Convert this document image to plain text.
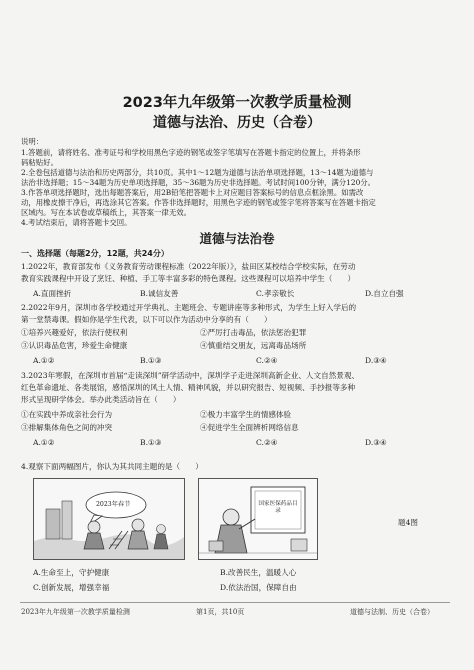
2023年九年级第一次教学质量检测
道德与法治、历史（合卷）
说明：
1.答题前，请将姓名、准考证号和学校用黑色字迹的钢笔或签字笔填写在答题卡指定的位置上，并将条形
码粘贴好。
2.全卷包括道德与法治和历史两部分，共10页。其中1～12题为道德与法治单项选择题，13～14题为道德与
法治非选择题；15～34题为历史单项选择题，35～36题为历史非选择题。考试时间100分钟，满分120分。
3.作答单项选择题时，选出每题答案后，用2B铅笔把答题卡上对应题目答案标号的信息点框涂黑。如需改
动，用橡皮擦干净后，再选涂其它答案。作答非选择题时，用黑色字迹的钢笔或签字笔将答案写在答题卡指定
区域内。写在本试卷或草稿纸上，其答案一律无效。
4.考试结束后，请将答题卡交回。
道德与法治卷
一、选择题（每题2分，12题，共24分）
1.2022年，教育部发布《义务教育劳动课程标准（2022年版）》，盐田区某校结合学校实际，在劳动
教育实践课程中开设了烹饪、种植、手工等丰富多彩的特色课程。这些课程可以培养中学生（　　）
A.直面挫折	B.诚信友善	C.孝亲敬长	D.自立自强
2.2022年9月，深圳市各学校通过开学典礼、主题班会、专题讲座等多种形式，为学生上好入学后的
第一堂禁毒课。假如你是学生代表，以下可以作为活动中分享的有（　　）
①培养兴趣爱好，依法行使权利	②严厉打击毒品，依法惩治犯罪
③认识毒品危害，珍爱生命健康	④慎重结交朋友，远离毒品场所
A.①②	B.①③	C.②④	D.③④
3.2023年寒假，在深圳市首届“走读深圳”研学活动中，深圳学子走进深圳高新企业、人文自然景观、
红色革命遗址、各类展馆，感悟深圳的风土人情、精神风貌，并以研究报告、短视频、手抄报等多种
形式呈现研学体会。举办此类活动旨在（　　）
①在实践中养成亲社会行为	②极力丰富学生的情感体验
③排解集体角色之间的冲突	④促进学生全面辨析网络信息
A.①②	B.①③	C.②④	D.③④
4.观察下面两幅图片，你认为其共同主题的是（　　）
2023年春节	国家医保药品目录
题4图
A.生命至上，守护健康	B.改善民生，温暖人心
C.创新发展，增强幸福	D.依法治国，保障自由
2023年九年级第一次教学质量检测	第1页，共10页	道德与法制、历史（合卷）
